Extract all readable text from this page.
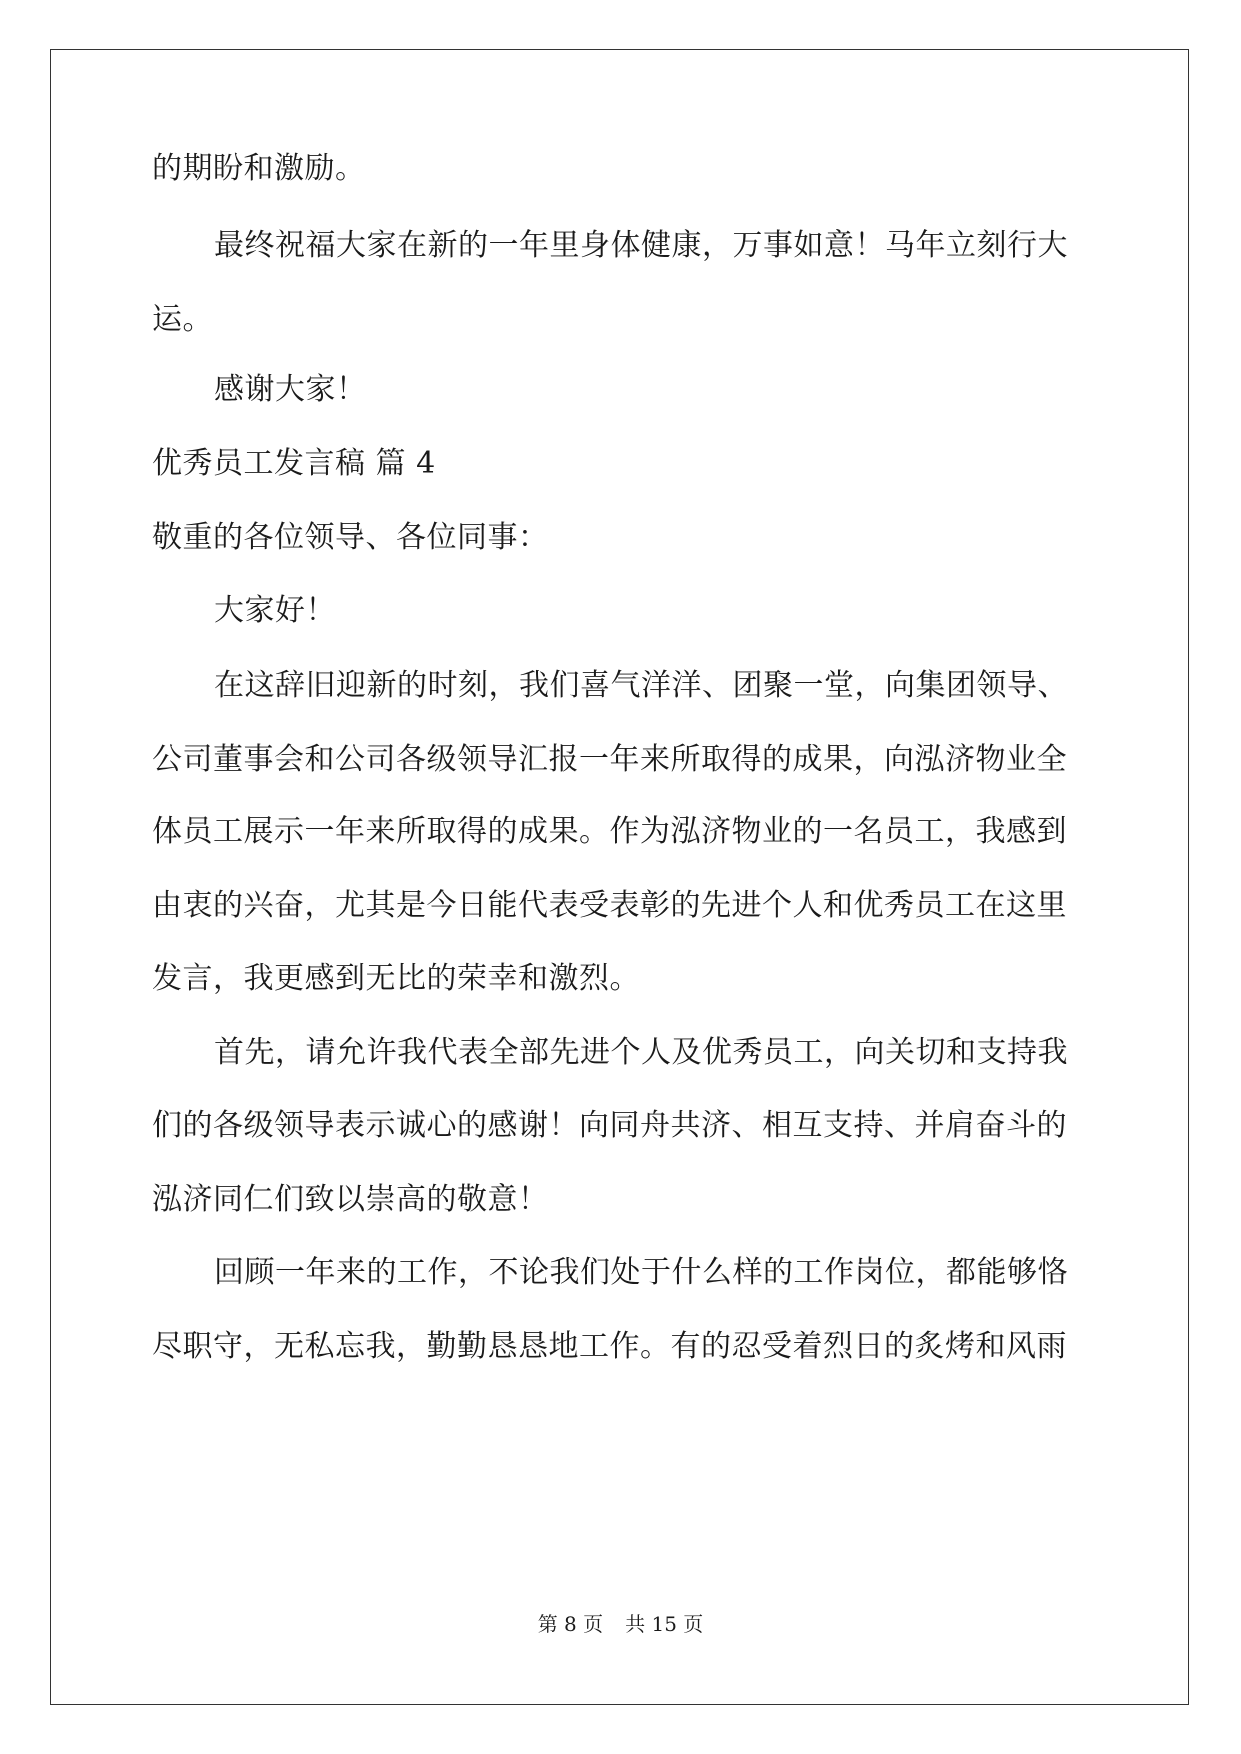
的期盼和激励。
最终祝福大家在新的一年里身体健康，万事如意！马年立刻行大
运。
感谢大家！
优秀员工发言稿 篇 4
敬重的各位领导、各位同事：
大家好！
在这辞旧迎新的时刻，我们喜气洋洋、团聚一堂，向集团领导、
公司董事会和公司各级领导汇报一年来所取得的成果，向泓济物业全
体员工展示一年来所取得的成果。作为泓济物业的一名员工，我感到
由衷的兴奋，尤其是今日能代表受表彰的先进个人和优秀员工在这里
发言，我更感到无比的荣幸和激烈。
首先，请允许我代表全部先进个人及优秀员工，向关切和支持我
们的各级领导表示诚心的感谢！向同舟共济、相互支持、并肩奋斗的
泓济同仁们致以崇高的敬意！
回顾一年来的工作，不论我们处于什么样的工作岗位，都能够恪
尽职守，无私忘我，勤勤恳恳地工作。有的忍受着烈日的炙烤和风雨
第 8 页 共 15 页
